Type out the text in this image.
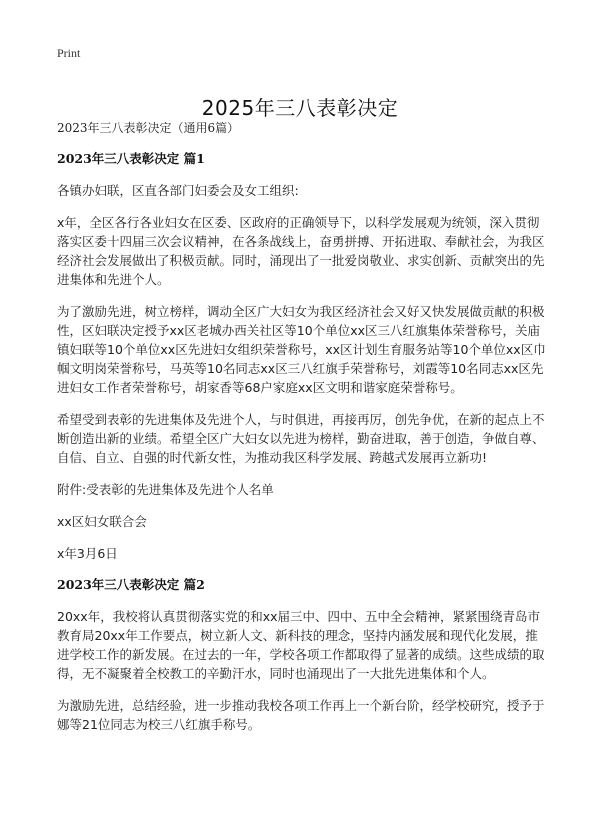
Print
2025年三八表彰决定

2023年三八表彰决定（通用6篇）

2023年三八表彰决定 篇1

各镇办妇联，区直各部门妇委会及女工组织:

x年，全区各行各业妇女在区委、区政府的正确领导下，以科学发展观为统领，深入贯彻落实区委十四届三次会议精神，在各条战线上，奋勇拼搏、开拓进取、奉献社会，为我区经济社会发展做出了积极贡献。同时，涌现出了一批爱岗敬业、求实创新、贡献突出的先进集体和先进个人。

为了激励先进，树立榜样，调动全区广大妇女为我区经济社会又好又快发展做贡献的积极性，区妇联决定授予xx区老城办西关社区等10个单位xx区三八红旗集体荣誉称号，关庙镇妇联等10个单位xx区先进妇女组织荣誉称号，xx区计划生育服务站等10个单位xx区巾帼文明岗荣誉称号，马英等10名同志xx区三八红旗手荣誉称号，刘霞等10名同志xx区先进妇女工作者荣誉称号，胡家香等68户家庭xx区文明和谐家庭荣誉称号。

希望受到表彰的先进集体及先进个人，与时俱进，再接再厉，创先争优，在新的起点上不断创造出新的业绩。希望全区广大妇女以先进为榜样，勤奋进取，善于创造，争做自尊、自信、自立、自强的时代新女性，为推动我区科学发展、跨越式发展再立新功!

附件:受表彰的先进集体及先进个人名单

xx区妇女联合会

x年3月6日

2023年三八表彰决定 篇2

20xx年，我校将认真贯彻落实党的和xx届三中、四中、五中全会精神，紧紧围绕青岛市教育局20xx年工作要点，树立新人文、新科技的理念，坚持内涵发展和现代化发展，推进学校工作的新发展。在过去的一年，学校各项工作都取得了显著的成绩。这些成绩的取得，无不凝聚着全校教工的辛勤汗水，同时也涌现出了一大批先进集体和个人。

为激励先进，总结经验，进一步推动我校各项工作再上一个新台阶，经学校研究，授予于娜等21位同志为校三八红旗手称号。
